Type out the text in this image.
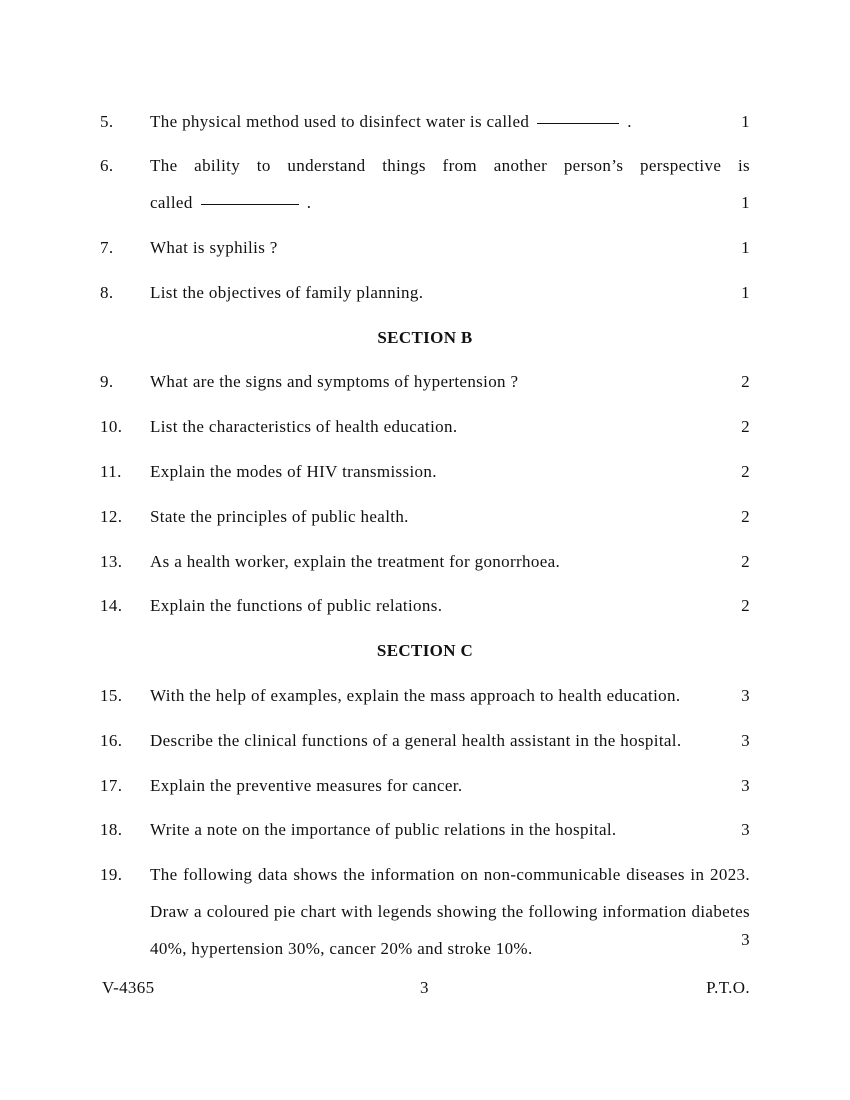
5. The physical method used to disinfect water is called	.	1
6. The ability to understand things from another person’s perspective is
called	.	1
7. What is syphilis ?	1
8. List the objectives of family planning.	1
SECTION B
9. What are the signs and symptoms of hypertension ?	2
10. List the characteristics of health education.	2
11. Explain the modes of HIV transmission.	2
12. State the principles of public health.	2
13. As a health worker, explain the treatment for gonorrhoea.	2
14. Explain the functions of public relations.	2
SECTION C
15. With the help of examples, explain the mass approach to health education.	3
16. Describe the clinical functions of a general health assistant in the hospital.	3
17. Explain the preventive measures for cancer.	3
18. Write a note on the importance of public relations in the hospital.	3
19. The following data shows the information on non-communicable diseases in 2023. Draw a coloured pie chart with legends showing the following information diabetes 40%, hypertension 30%, cancer 20% and stroke 10%.	3
V-4365	3	P.T.O.
